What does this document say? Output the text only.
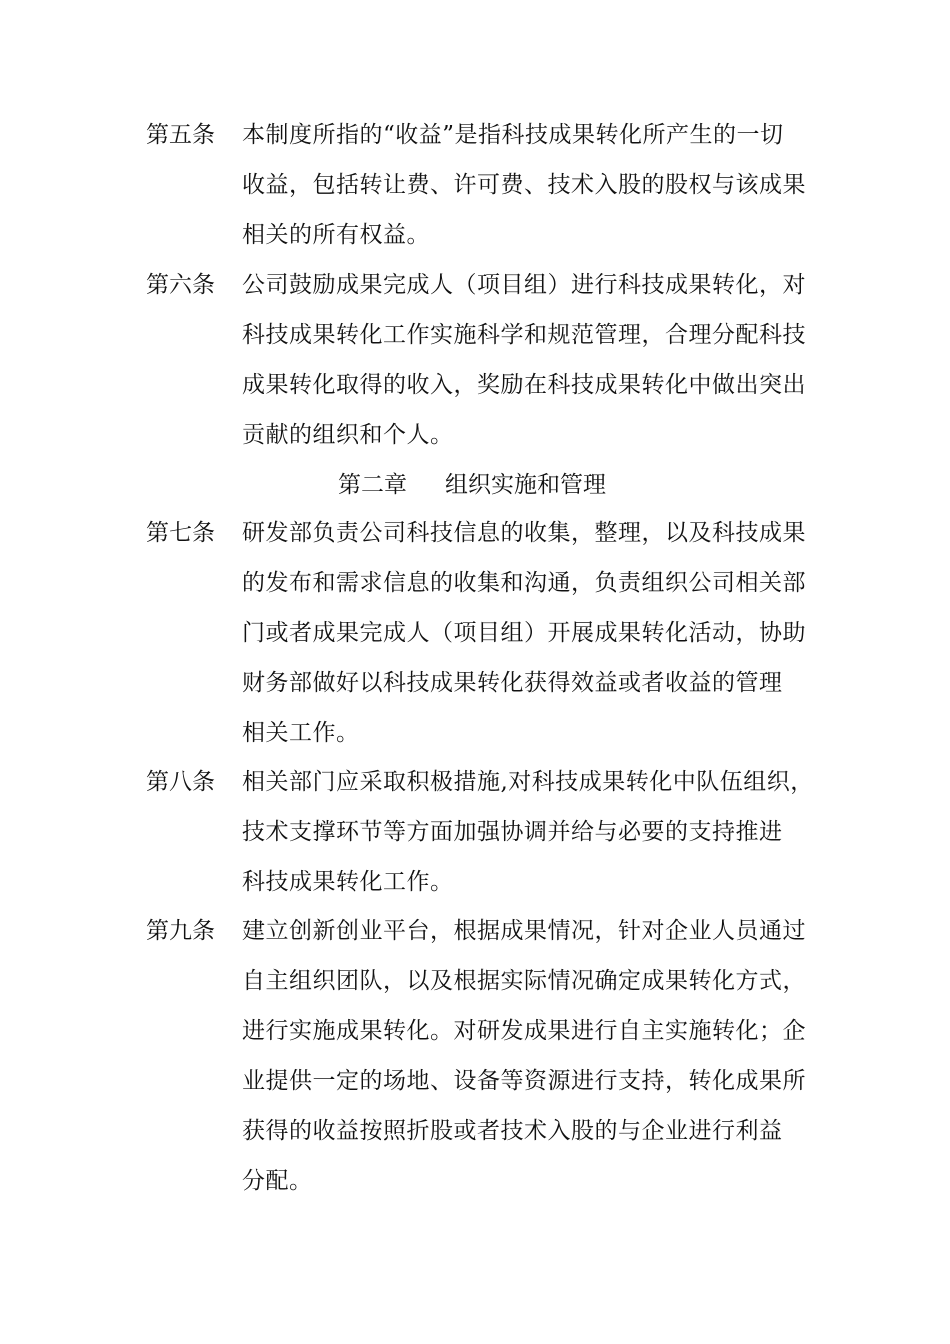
第五条 本制度所指的“收益”是指科技成果转化所产生的一切
收益，包括转让费、许可费、技术入股的股权与该成果
相关的所有权益。
第六条 公司鼓励成果完成人（项目组）进行科技成果转化，对
科技成果转化工作实施科学和规范管理，合理分配科技
成果转化取得的收入，奖励在科技成果转化中做出突出
贡献的组织和个人。
第二章 组织实施和管理
第七条 研发部负责公司科技信息的收集，整理，以及科技成果
的发布和需求信息的收集和沟通，负责组织公司相关部
门或者成果完成人（项目组）开展成果转化活动，协助
财务部做好以科技成果转化获得效益或者收益的管理
相关工作。
第八条 相关部门应采取积极措施,对科技成果转化中队伍组织，
技术支撑环节等方面加强协调并给与必要的支持推进
科技成果转化工作。
第九条 建立创新创业平台，根据成果情况，针对企业人员通过
自主组织团队，以及根据实际情况确定成果转化方式，
进行实施成果转化。对研发成果进行自主实施转化；企
业提供一定的场地、设备等资源进行支持，转化成果所
获得的收益按照折股或者技术入股的与企业进行利益
分配。
